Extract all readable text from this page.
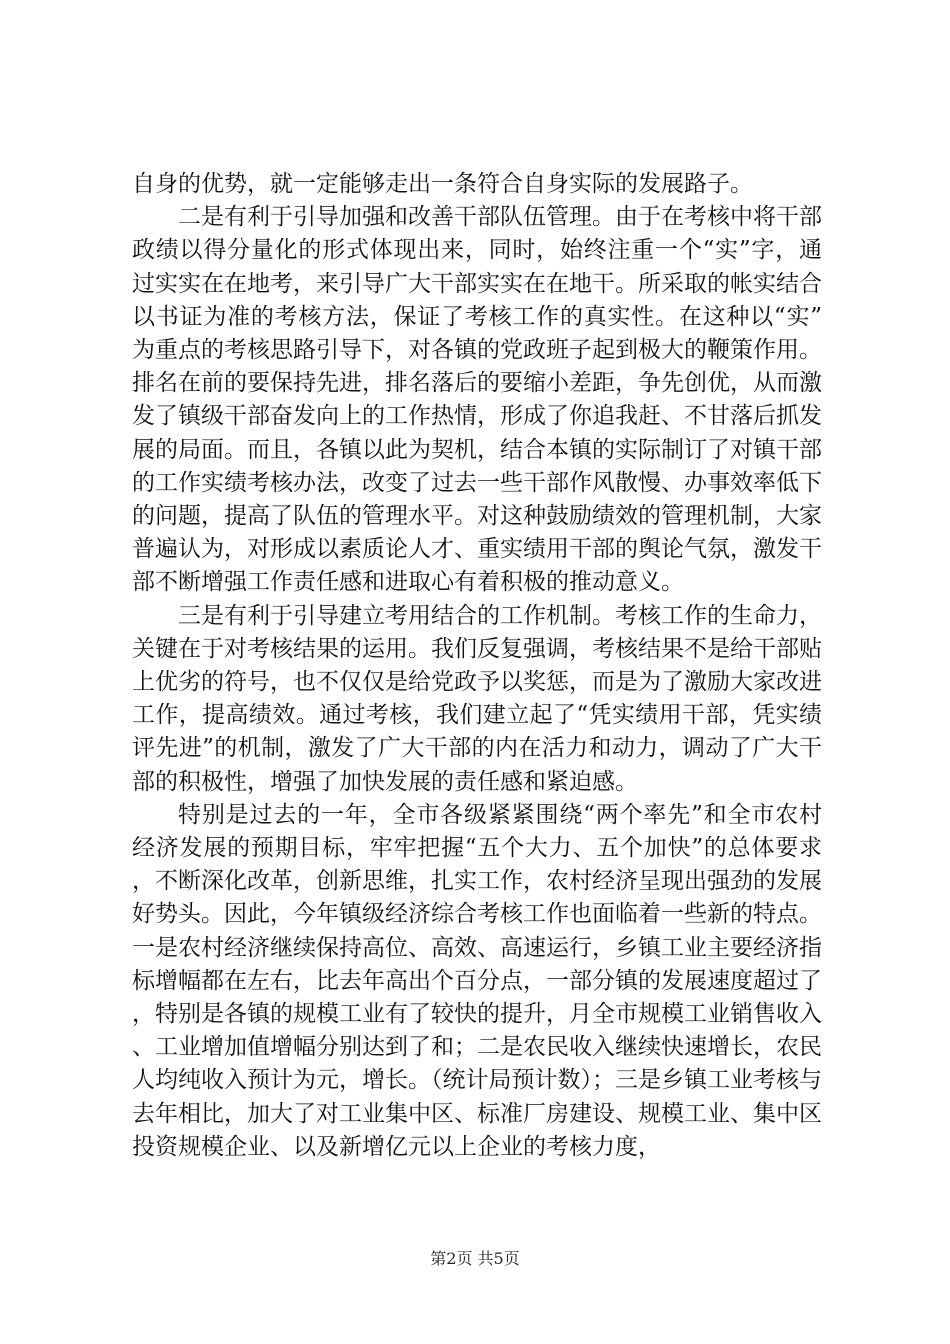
自身的优势，就一定能够走出一条符合自身实际的发展路子。

二是有利于引导加强和改善干部队伍管理。由于在考核中将干部政绩以得分量化的形式体现出来，同时，始终注重一个“实”字，通过实实在在地考，来引导广大干部实实在在地干。所采取的帐实结合以书证为准的考核方法，保证了考核工作的真实性。在这种以“实”为重点的考核思路引导下，对各镇的党政班子起到极大的鞭策作用。排名在前的要保持先进，排名落后的要缩小差距，争先创优，从而激发了镇级干部奋发向上的工作热情，形成了你追我赶、不甘落后抓发展的局面。而且，各镇以此为契机，结合本镇的实际制订了对镇干部的工作实绩考核办法，改变了过去一些干部作风散慢、办事效率低下的问题，提高了队伍的管理水平。对这种鼓励绩效的管理机制，大家普遍认为，对形成以素质论人才、重实绩用干部的舆论气氛，激发干部不断增强工作责任感和进取心有着积极的推动意义。

三是有利于引导建立考用结合的工作机制。考核工作的生命力，关键在于对考核结果的运用。我们反复强调，考核结果不是给干部贴上优劣的符号，也不仅仅是给党政予以奖惩，而是为了激励大家改进工作，提高绩效。通过考核，我们建立起了“凭实绩用干部，凭实绩评先进”的机制，激发了广大干部的内在活力和动力，调动了广大干部的积极性，增强了加快发展的责任感和紧迫感。

特别是过去的一年，全市各级紧紧围绕“两个率先”和全市农村经济发展的预期目标，牢牢把握“五个大力、五个加快”的总体要求，不断深化改革，创新思维，扎实工作，农村经济呈现出强劲的发展好势头。因此，今年镇级经济综合考核工作也面临着一些新的特点。一是农村经济继续保持高位、高效、高速运行，乡镇工业主要经济指标增幅都在左右，比去年高出个百分点，一部分镇的发展速度超过了，特别是各镇的规模工业有了较快的提升，月全市规模工业销售收入、工业增加值增幅分别达到了和；二是农民收入继续快速增长，农民人均纯收入预计为元，增长。（统计局预计数）；三是乡镇工业考核与去年相比，加大了对工业集中区、标准厂房建设、规模工业、集中区投资规模企业、以及新增亿元以上企业的考核力度，

第2页 共5页
